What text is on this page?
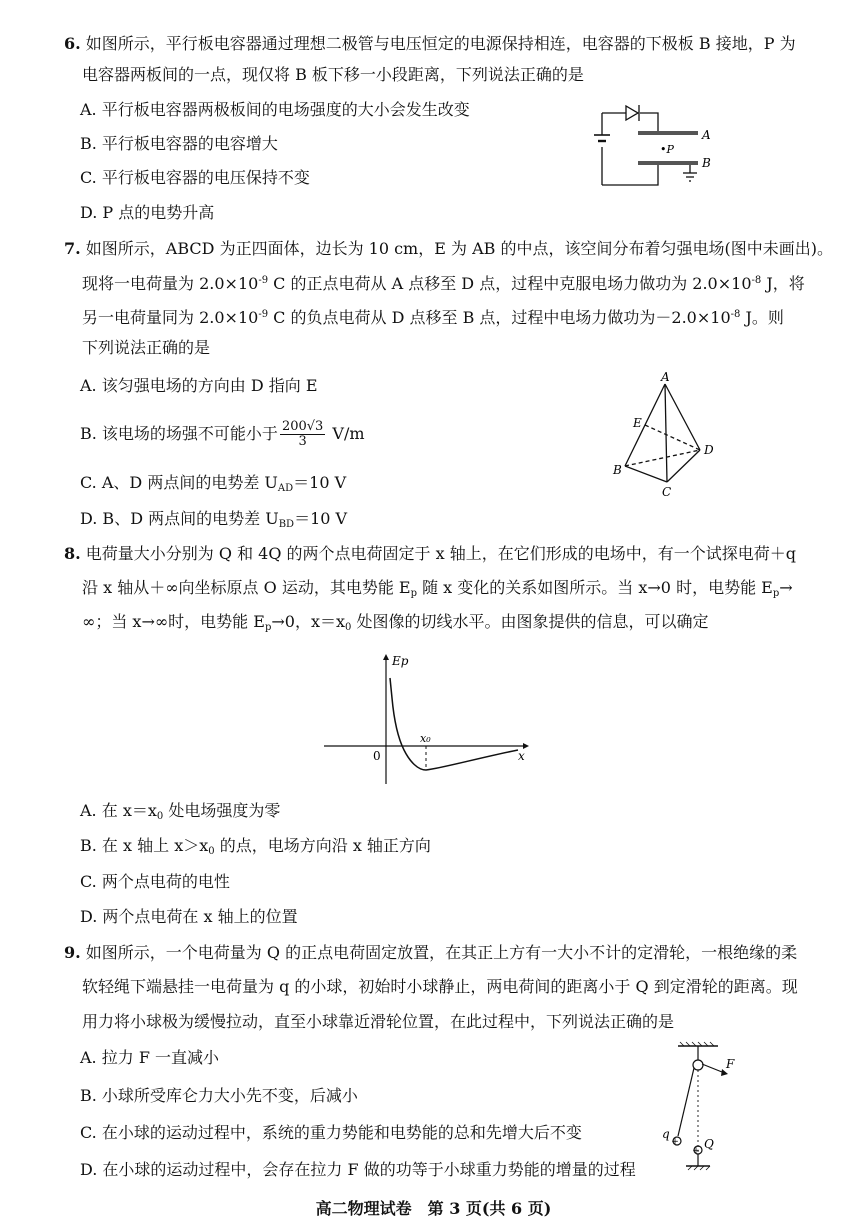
6. 如图所示，平行板电容器通过理想二极管与电压恒定的电源保持相连，电容器的下极板 B 接地，P 为
电容器两板间的一点，现仅将 B 板下移一小段距离，下列说法正确的是
A. 平行板电容器两极板间的电场强度的大小会发生改变
B. 平行板电容器的电容增大
C. 平行板电容器的电压保持不变
D. P 点的电势升高
A
B
•P
7. 如图所示，ABCD 为正四面体，边长为 10 cm，E 为 AB 的中点，该空间分布着匀强电场(图中未画出)。
现将一电荷量为 $2.0\times 10^{-9}$ C 的正点电荷从 A 点移至 D 点，过程中克服电场力做功为 $2.0\times 10^{-8}$ J，将
另一电荷量同为 $2.0\times 10^{-9}$ C 的负点电荷从 D 点移至 B 点，过程中电场力做功为$-2.0\times 10^{-8}$ J。则
下列说法正确的是
A. 该匀强电场的方向由 D 指向 E
B. 该电场的场强不可能小于 $\frac{200√3}{3} V/m$
C. A、D 两点间的电势差 $U_{AD}=10$ V
D. B、D 两点间的电势差 $U_{BD}=10$ V
A
B
C
D
E
8. 电荷量大小分别为 Q 和 4Q 的两个点电荷固定于 x 轴上，在它们形成的电场中，有一个试探电荷＋q
沿 x 轴从＋∞向坐标原点 O 运动，其电势能 $E_p$ 随 x 变化的关系如图所示。当 x→0 时，电势能 $E_p\to$
∞；当 x→∞时，电势能 $E_p\to 0$，$x=x_0$ 处图像的切线水平。由图象提供的信息，可以确定
Ep
x
0
x₀
A. 在 $x=x_0$ 处电场强度为零
B. 在 x 轴上 $x>x_0$ 的点，电场方向沿 x 轴正方向
C. 两个点电荷的电性
D. 两个点电荷在 x 轴上的位置
9. 如图所示，一个电荷量为 Q 的正点电荷固定放置，在其正上方有一大小不计的定滑轮，一根绝缘的柔
软轻绳下端悬挂一电荷量为 q 的小球，初始时小球静止，两电荷间的距离小于 Q 到定滑轮的距离。现
用力将小球极为缓慢拉动，直至小球靠近滑轮位置，在此过程中，下列说法正确的是
A. 拉力 F 一直减小
B. 小球所受库仑力大小先不变，后减小
C. 在小球的运动过程中，系统的重力势能和电势能的总和先增大后不变
D. 在小球的运动过程中，会存在拉力 F 做的功等于小球重力势能的增量的过程
+
+
F
q
Q
高二物理试卷　第 3 页(共 6 页)
